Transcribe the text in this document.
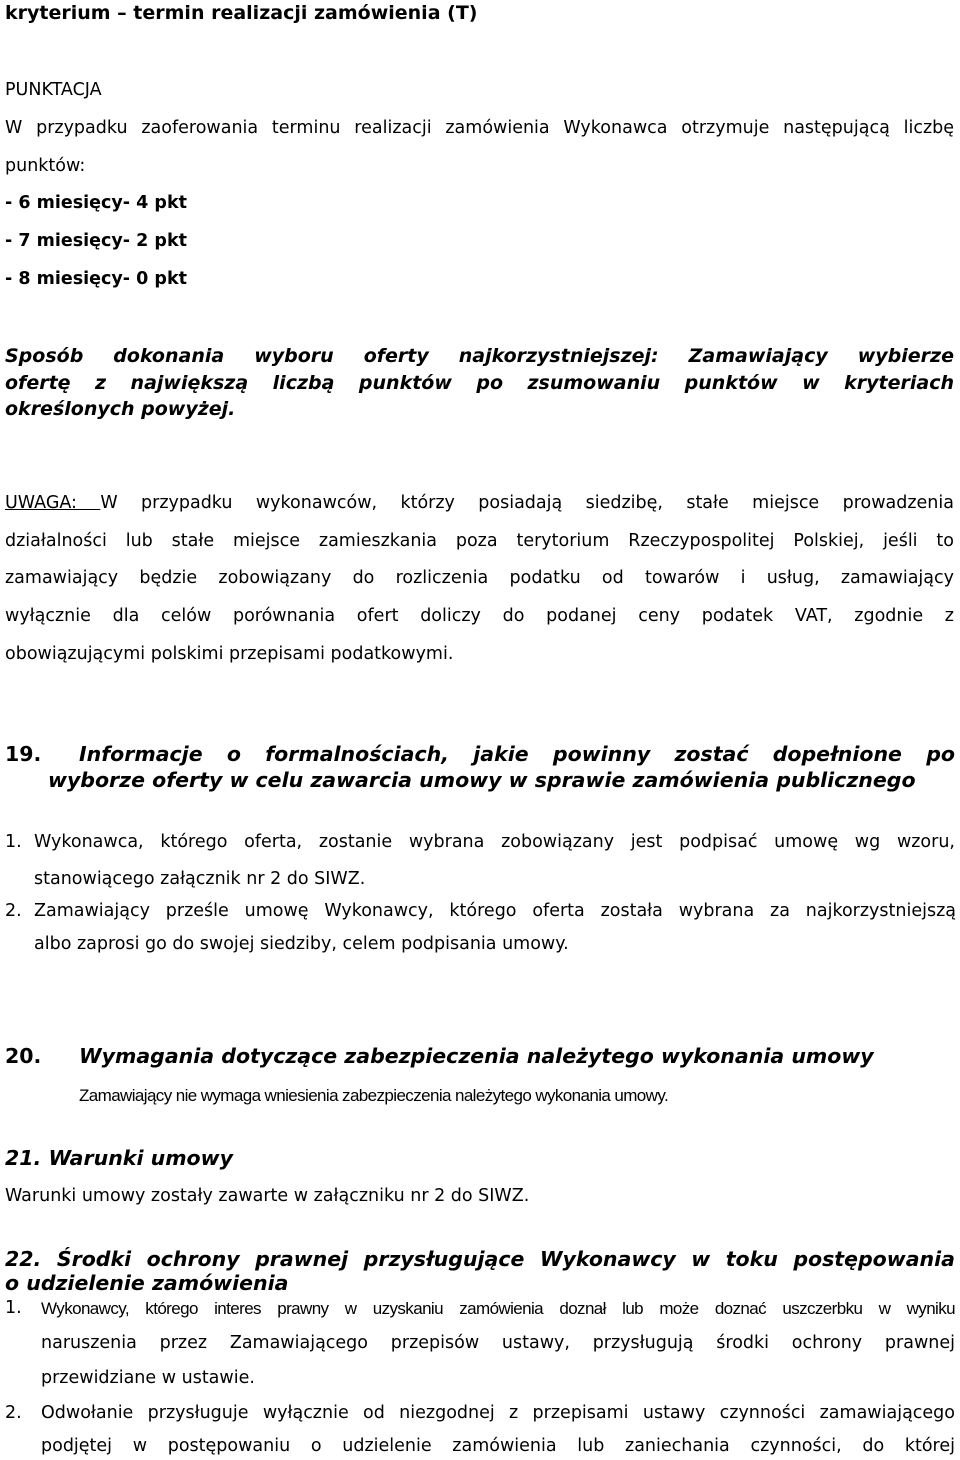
kryterium – termin realizacji zamówienia (T)

PUNKTACJA

W przypadku zaoferowania terminu realizacji zamówienia Wykonawca otrzymuje następującą liczbę

punktów:

- 6 miesięcy- 4 pkt

- 7 miesięcy- 2 pkt

- 8 miesięcy- 0 pkt

Sposób dokonania wyboru oferty najkorzystniejszej: Zamawiający wybierze

ofertę z największą liczbą punktów po zsumowaniu punktów w kryteriach

określonych powyżej.

UWAGA: W przypadku wykonawców, którzy posiadają siedzibę, stałe miejsce prowadzenia

działalności lub stałe miejsce zamieszkania poza terytorium Rzeczypospolitej Polskiej, jeśli to

zamawiający będzie zobowiązany do rozliczenia podatku od towarów i usług, zamawiający

wyłącznie dla celów porównania ofert doliczy do podanej ceny podatek VAT, zgodnie z

obowiązującymi polskimi przepisami podatkowymi.

19.	Informacje o formalnościach, jakie powinny zostać dopełnione po

wyborze oferty w celu zawarcia umowy w sprawie zamówienia publicznego

1. Wykonawca, którego oferta, zostanie wybrana zobowiązany jest podpisać umowę wg wzoru,

stanowiącego załącznik nr 2 do SIWZ.

2. Zamawiający prześle umowę Wykonawcy, którego oferta została wybrana za najkorzystniejszą

albo zaprosi go do swojej siedziby, celem podpisania umowy.

20.	Wymagania dotyczące zabezpieczenia należytego wykonania umowy

Zamawiający nie wymaga wniesienia zabezpieczenia należytego wykonania umowy.

21. Warunki umowy

Warunki umowy zostały zawarte w załączniku nr 2 do SIWZ.

22. Środki ochrony prawnej przysługujące Wykonawcy w toku postępowania

o udzielenie zamówienia

1.	Wykonawcy, którego interes prawny w uzyskaniu zamówienia doznał lub może doznać uszczerbku w wyniku

naruszenia przez Zamawiającego przepisów ustawy, przysługują środki ochrony prawnej

przewidziane w ustawie.

2.	Odwołanie przysługuje wyłącznie od niezgodnej z przepisami ustawy czynności zamawiającego

podjętej w postępowaniu o udzielenie zamówienia lub zaniechania czynności, do której
